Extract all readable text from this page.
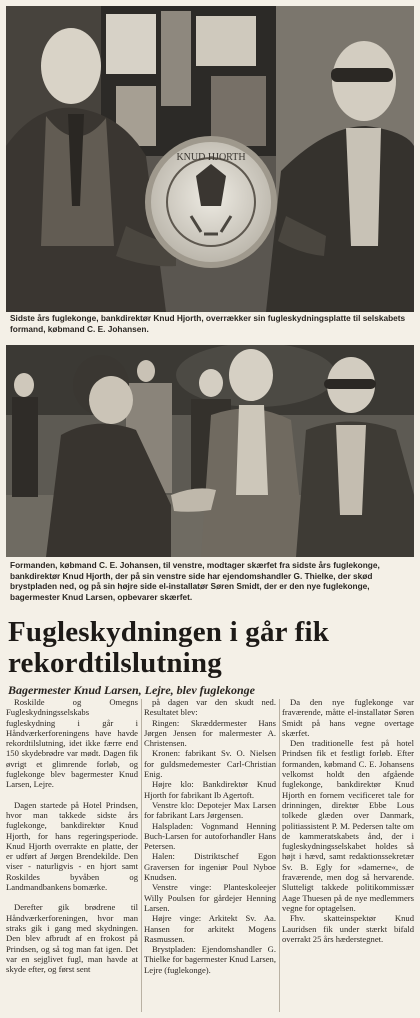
KNUD HJORTH
Sidste års fuglekonge, bankdirektør Knud Hjorth, overrækker sin fugleskydningsplatte til selskabets formand, købmand C. E. Johansen.
Formanden, købmand C. E. Johansen, til venstre, modtager skærfet fra sidste års fuglekonge, bankdirektør Knud Hjorth, der på sin venstre side har ejendomshandler G. Thielke, der skød brystpladen ned, og på sin højre side el-installatør Søren Smidt, der er den nye fuglekonge, bagermester Knud Larsen, opbevarer skærfet.
Fugleskydningen i går fik rekordtilslutning
Bagermester Knud Larsen, Lejre, blev fuglekonge

Roskilde og Omegns Fugleskydningsselskabs fugleskydning i går i Håndværkerforeningens have havde rekordtilslutning, idet ikke færre end 150 skydebrødre var mødt. Dagen fik øvrigt et glimrende forløb, og fuglekonge blev bagermester Knud Larsen, Lejre.

Dagen startede på Hotel Prindsen, hvor man takkede sidste års fuglekonge, bankdirektør Knud Hjorth, for hans regeringsperiode. Knud Hjorth overrakte en platte, der er udført af Jørgen Brendekilde. Den viser - naturligvis - en hjort samt Roskildes byvåben og Landmandbankens bomærke.

Derefter gik brødrene til Håndværkerforeningen, hvor man straks gik i gang med skydningen. Den blev afbrudt af en frokost på Prindsen, og så tog man fat igen. Det var en sejglivet fugl, man havde at skyde efter, og først sent

på dagen var den skudt ned. Resultatet blev:

Ringen: Skræddermester Hans Jørgen Jensen for malermester A. Christensen.

Kronen: fabrikant Sv. O. Nielsen for guldsmedemester Carl-Christian Enig.

Højre klo: Bankdirektør Knud Hjorth for fabrikant Ib Agertoft.

Venstre klo: Depotejer Max Larsen for fabrikant Lars Jørgensen.

Halspladen: Vognmand Henning Buch-Larsen for autoforhandler Hans Petersen.

Halen: Distriktschef Egon Graversen for ingeniør Poul Nyboe Knudsen.

Venstre vinge: Planteskoleejer Willy Poulsen for gårdejer Henning Larsen.

Højre vinge: Arkitekt Sv. Aa. Hansen for arkitekt Mogens Rasmussen.

Brystpladen: Ejendomshandler G. Thielke for bagermester Knud Larsen, Lejre (fuglekonge).

Da den nye fuglekonge var fraværende, måtte el-installatør Søren Smidt på hans vegne overtage skærfet.

Den traditionelle fest på hotel Prindsen fik et festligt forløb. Efter formanden, købmand C. E. Johansens velkomst holdt den afgående fuglekonge, bankdirektør Knud Hjorth en fornem vecificeret tale for drinningen, direktør Ebbe Lous tolkede glæden over Danmark, politiassistent P. M. Pedersen talte om de kammeratskabets ånd, der i fugleskydningsselskabet holdes så højt i hævd, samt redaktionssekretær Sv. B. Egly for »damerne«, de fraværende, men dog så hervarende. Slutteligt takkede politikommissær Aage Thuesen på de nye medlemmers vegne for optagelsen.

Fhv. skatteinspektør Knud Lauridsen fik under stærkt bifald overrakt 25 års hæderstegnet.
